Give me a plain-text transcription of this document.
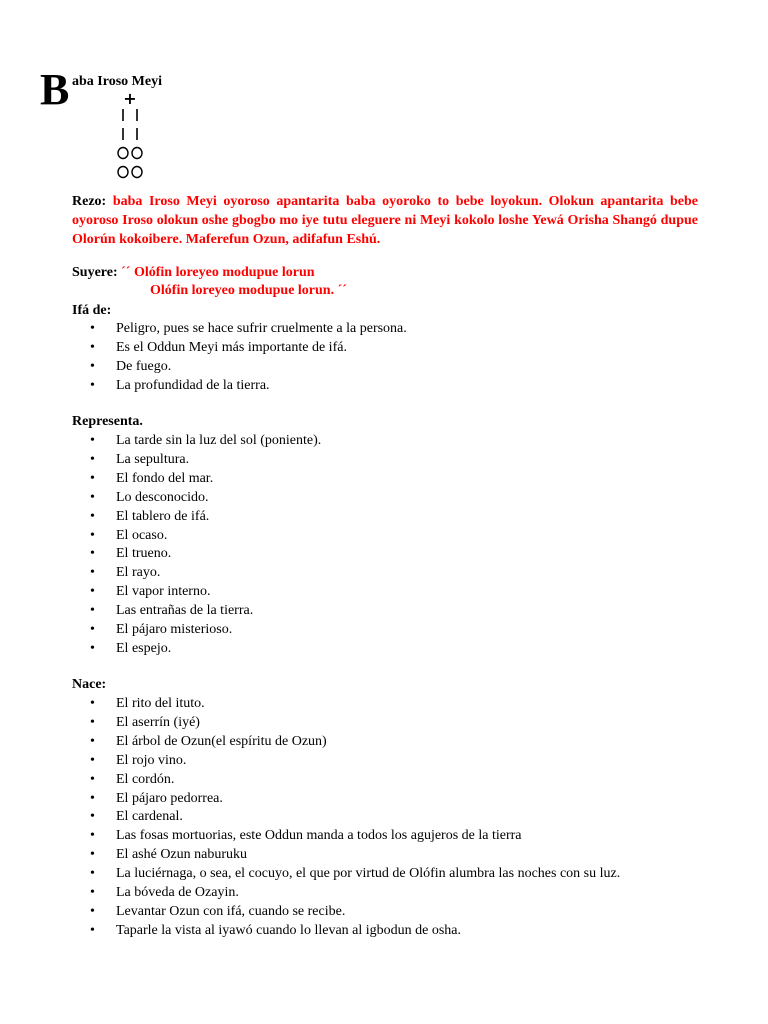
B aba Iroso Meyi
+
Rezo: baba Iroso Meyi oyoroso apantarita baba oyoroko to bebe loyokun. Olokun apantarita bebe oyoroso Iroso olokun oshe gbogbo mo iye tutu eleguere ni Meyi kokolo loshe Yewá Orisha Shangó dupue Olorún kokoibere. Maferefun Ozun, adifafun Eshú.
Suyere: ´´ Olófin loreyeo modupue lorun
Olófin loreyeo modupue lorun. ´´
Ifá de:
• Peligro, pues se hace sufrir cruelmente a la persona.
• Es el Oddun Meyi más importante de ifá.
• De fuego.
• La profundidad de la tierra.
Representa.
• La tarde sin la luz del sol (poniente).
• La sepultura.
• El fondo del mar.
• Lo desconocido.
• El tablero de ifá.
• El ocaso.
• El trueno.
• El rayo.
• El vapor interno.
• Las entrañas de la tierra.
• El pájaro misterioso.
• El espejo.
Nace:
• El rito del ituto.
• El aserrín (iyé)
• El árbol de Ozun(el espíritu de Ozun)
• El rojo vino.
• El cordón.
• El pájaro pedorrea.
• El cardenal.
• Las fosas mortuorias, este Oddun manda a todos los agujeros de la tierra
• El ashé Ozun naburuku
• La luciérnaga, o sea, el cocuyo, el que por virtud de Olófin alumbra las noches con su luz.
• La bóveda de Ozayin.
• Levantar Ozun con ifá, cuando se recibe.
• Taparle la vista al iyawó cuando lo llevan al igbodun de osha.
